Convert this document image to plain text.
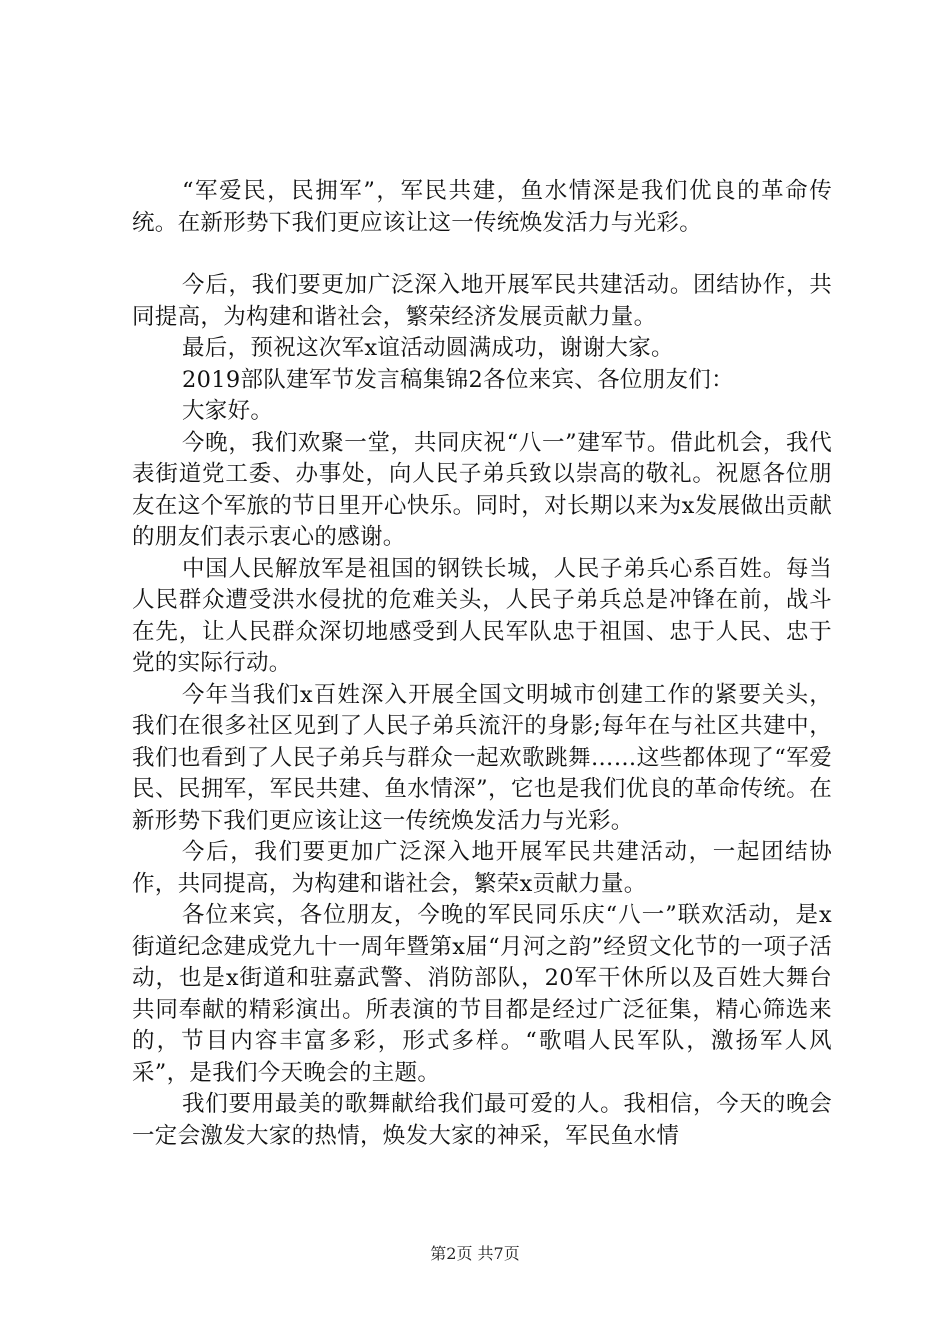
“军爱民，民拥军”，军民共建，鱼水情深是我们优良的革命传统。在新形势下我们更应该让这一传统焕发活力与光彩。

今后，我们要更加广泛深入地开展军民共建活动。团结协作，共同提高，为构建和谐社会，繁荣经济发展贡献力量。

最后，预祝这次军x谊活动圆满成功，谢谢大家。

2019部队建军节发言稿集锦2各位来宾、各位朋友们：

大家好。

今晚，我们欢聚一堂，共同庆祝“八一”建军节。借此机会，我代表街道党工委、办事处，向人民子弟兵致以崇高的敬礼。祝愿各位朋友在这个军旅的节日里开心快乐。同时，对长期以来为x发展做出贡献的朋友们表示衷心的感谢。

中国人民解放军是祖国的钢铁长城，人民子弟兵心系百姓。每当人民群众遭受洪水侵扰的危难关头，人民子弟兵总是冲锋在前，战斗在先，让人民群众深切地感受到人民军队忠于祖国、忠于人民、忠于党的实际行动。

今年当我们x百姓深入开展全国文明城市创建工作的紧要关头，我们在很多社区见到了人民子弟兵流汗的身影;每年在与社区共建中，我们也看到了人民子弟兵与群众一起欢歌跳舞……这些都体现了“军爱民、民拥军，军民共建、鱼水情深”，它也是我们优良的革命传统。在新形势下我们更应该让这一传统焕发活力与光彩。

今后，我们要更加广泛深入地开展军民共建活动，一起团结协作，共同提高，为构建和谐社会，繁荣x贡献力量。

各位来宾，各位朋友，今晚的军民同乐庆“八一”联欢活动，是x街道纪念建成党九十一周年暨第x届“月河之韵”经贸文化节的一项子活动，也是x街道和驻嘉武警、消防部队，20军干休所以及百姓大舞台共同奉献的精彩演出。所表演的节目都是经过广泛征集，精心筛选来的，节目内容丰富多彩，形式多样。“歌唱人民军队，激扬军人风采”，是我们今天晚会的主题。

我们要用最美的歌舞献给我们最可爱的人。我相信，今天的晚会一定会激发大家的热情，焕发大家的神采，军民鱼水情

第2页 共7页
